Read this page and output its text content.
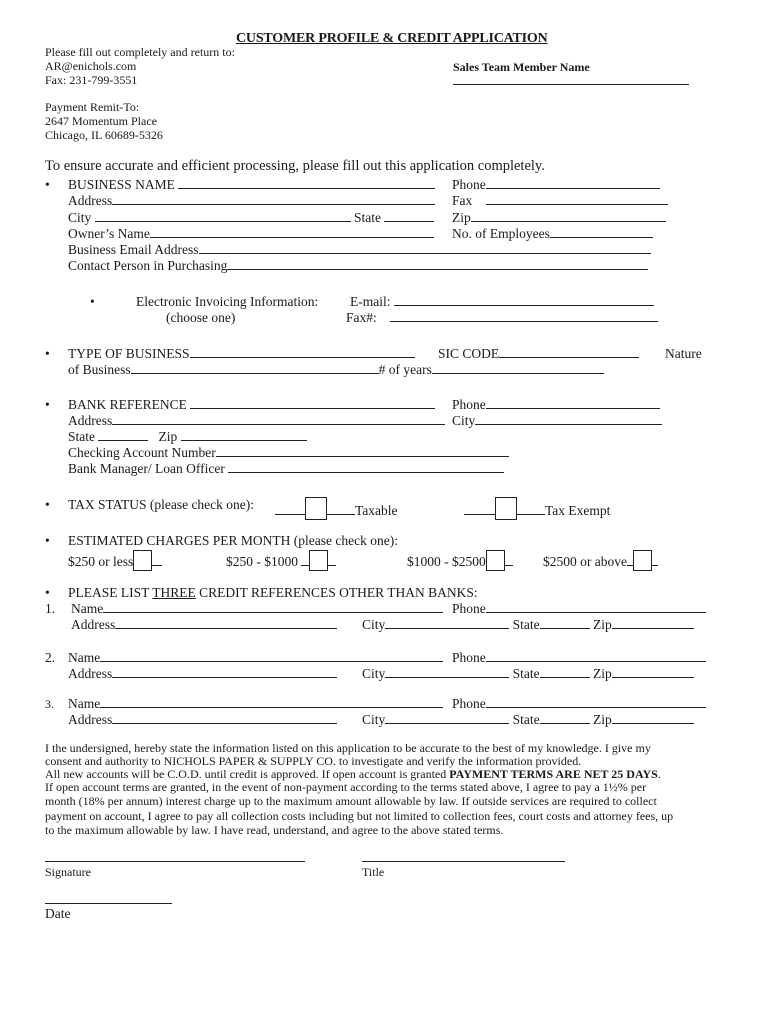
CUSTOMER PROFILE & CREDIT APPLICATION
Please fill out completely and return to:
AR@enichols.com
Fax: 231-799-3551
Sales Team Member Name
Payment Remit-To:
2647 Momentum Place
Chicago, IL 60689-5326
To ensure accurate and efficient processing, please fill out this application completely.
• BUSINESS NAME	Phone
Address	Fax
City	State	Zip
Owner’s Name	No. of Employees
Business Email Address
Contact Person in Purchasing
•	Electronic Invoicing Information: E-mail:
(choose one)	Fax#:
• TYPE OF BUSINESS	SIC CODE	Nature
of Business	# of years
• BANK REFERENCE	Phone
Address	City
State	Zip
Checking Account Number
Bank Manager/ Loan Officer
• TAX STATUS (please check one):	Taxable	Tax Exempt
• ESTIMATED CHARGES PER MONTH (please check one):
$250 or less	$250 - $1000	$1000 - $2500	$2500 or above
• PLEASE LIST THREE CREDIT REFERENCES OTHER THAN BANKS:
1. Name	Phone
Address	City	State	Zip
2. Name	Phone
Address	City	State	Zip
3. Name	Phone
Address	City	State	Zip
I the undersigned, hereby state the information listed on this application to be accurate to the best of my knowledge. I give my
consent and authority to NICHOLS PAPER & SUPPLY CO. to investigate and verify the information provided.
All new accounts will be C.O.D. until credit is approved. If open account is granted PAYMENT TERMS ARE NET 25 DAYS.
If open account terms are granted, in the event of non-payment according to the terms stated above, I agree to pay a 1½% per
month (18% per annum) interest charge up to the maximum amount allowable by law. If outside services are required to collect
payment on account, I agree to pay all collection costs including but not limited to collection fees, court costs and attorney fees, up
to the maximum allowable by law. I have read, understand, and agree to the above stated terms.
Signature	Title
Date
